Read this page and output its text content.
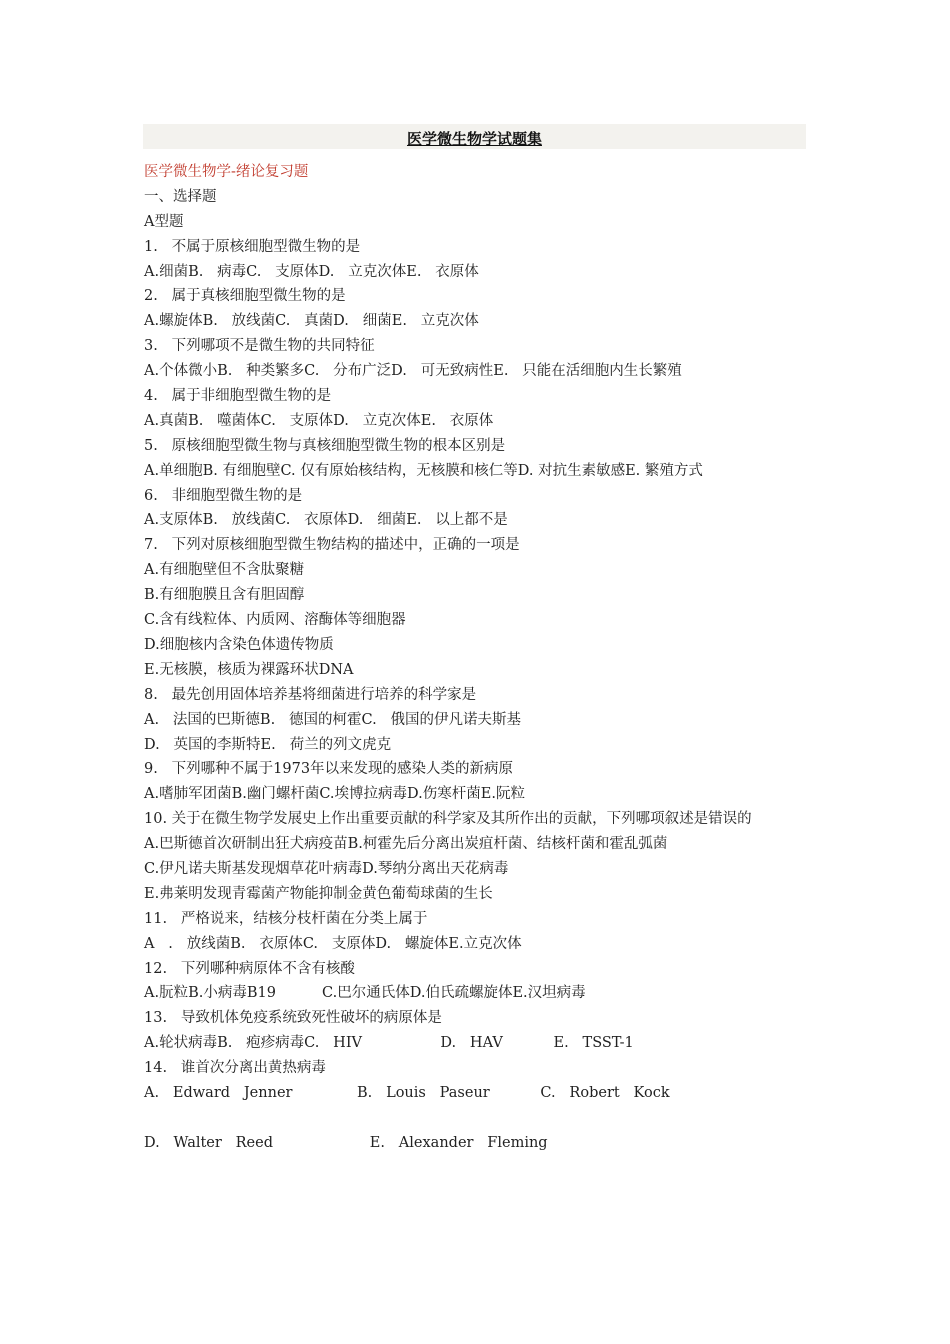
医学微生物学试题集
医学微生物学-绪论复习题
一、选择题
A型题
1.   不属于原核细胞型微生物的是
A.细菌B.   病毒C.   支原体D.   立克次体E.   衣原体
2.   属于真核细胞型微生物的是
A.螺旋体B.   放线菌C.   真菌D.   细菌E.   立克次体
3.   下列哪项不是微生物的共同特征
A.个体微小B.   种类繁多C.   分布广泛D.   可无致病性E.   只能在活细胞内生长繁殖
4.   属于非细胞型微生物的是
A.真菌B.   噬菌体C.   支原体D.   立克次体E.   衣原体
5.   原核细胞型微生物与真核细胞型微生物的根本区别是
A.单细胞B. 有细胞壁C. 仅有原始核结构，无核膜和核仁等D. 对抗生素敏感E. 繁殖方式
6.   非细胞型微生物的是
A.支原体B.   放线菌C.   衣原体D.   细菌E.   以上都不是
7.   下列对原核细胞型微生物结构的描述中，正确的一项是
A.有细胞壁但不含肽聚糖
B.有细胞膜且含有胆固醇
C.含有线粒体、内质网、溶酶体等细胞器
D.细胞核内含染色体遗传物质
E.无核膜，核质为裸露环状DNA
8.   最先创用固体培养基将细菌进行培养的科学家是
A.   法国的巴斯德B.   德国的柯霍C.   俄国的伊凡诺夫斯基
D.   英国的李斯特E.   荷兰的列文虎克
9.   下列哪种不属于1973年以来发现的感染人类的新病原
A.嗜肺军团菌B.幽门螺杆菌C.埃博拉病毒D.伤寒杆菌E.阮粒
10. 关于在微生物学发展史上作出重要贡献的科学家及其所作出的贡献，下列哪项叙述是错误的
A.巴斯德首次研制出狂犬病疫苗B.柯霍先后分离出炭疽杆菌、结核杆菌和霍乱弧菌
C.伊凡诺夫斯基发现烟草花叶病毒D.琴纳分离出天花病毒
E.弗莱明发现青霉菌产物能抑制金黄色葡萄球菌的生长
11.   严格说来，结核分枝杆菌在分类上属于
A   .   放线菌B.   衣原体C.   支原体D.   螺旋体E.立克次体
12.   下列哪种病原体不含有核酸
A.朊粒B.小病毒B19          C.巴尔通氏体D.伯氏疏螺旋体E.汉坦病毒
13.   导致机体免疫系统致死性破坏的病原体是
A.轮状病毒B.   疱疹病毒C.   HIV                 D.   HAV           E.   TSST-1
14.   谁首次分离出黄热病毒
A.   Edward   Jenner              B.   Louis   Paseur           C.   Robert   Kock
D.   Walter   Reed                     E.   Alexander   Fleming
